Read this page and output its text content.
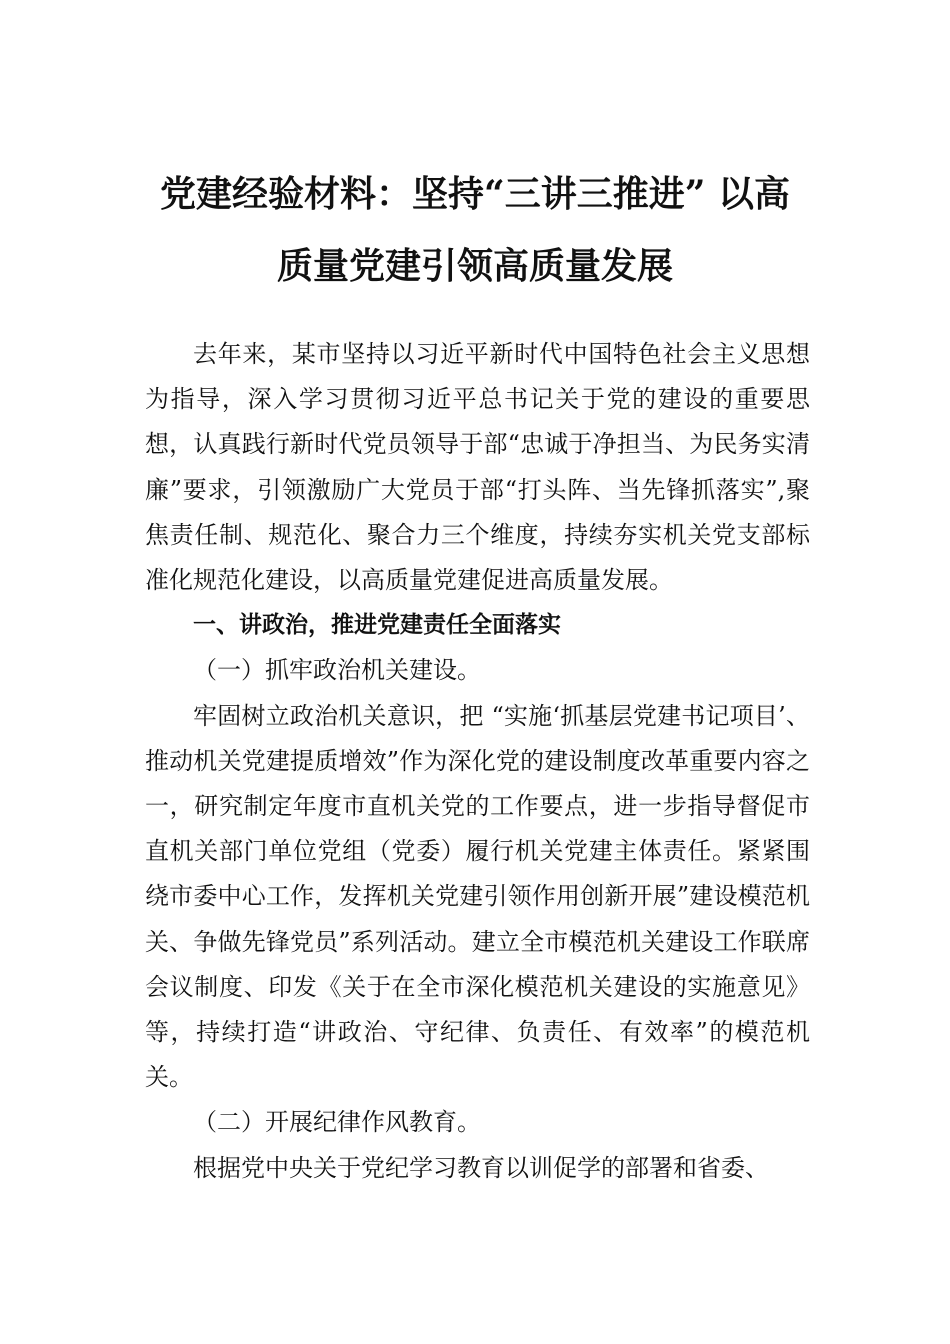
党建经验材料：坚持“三讲三推进” 以高
质量党建引领高质量发展

去年来，某市坚持以习近平新时代中国特色社会主义思想为指导，深入学习贯彻习近平总书记关于党的建设的重要思想，认真践行新时代党员领导于部“忠诚于净担当、为民务实清廉”要求，引领激励广大党员于部“打头阵、当先锋抓落实”,聚焦责任制、规范化、聚合力三个维度，持续夯实机关党支部标准化规范化建设，以高质量党建促进高质量发展。

一、讲政治，推进党建责任全面落实

（一）抓牢政治机关建设。

牢固树立政治机关意识，把 “实施‘抓基层党建书记项目’、推动机关党建提质增效”作为深化党的建设制度改革重要内容之一，研究制定年度市直机关党的工作要点，进一步指导督促市直机关部门单位党组（党委）履行机关党建主体责任。紧紧围绕市委中心工作，发挥机关党建引领作用创新开展”建设模范机关、争做先锋党员”系列活动。建立全市模范机关建设工作联席会议制度、印发《关于在全市深化模范机关建设的实施意见》等，持续打造“讲政治、守纪律、负责任、有效率”的模范机关。

（二）开展纪律作风教育。

根据党中央关于党纪学习教育以训促学的部署和省委、
